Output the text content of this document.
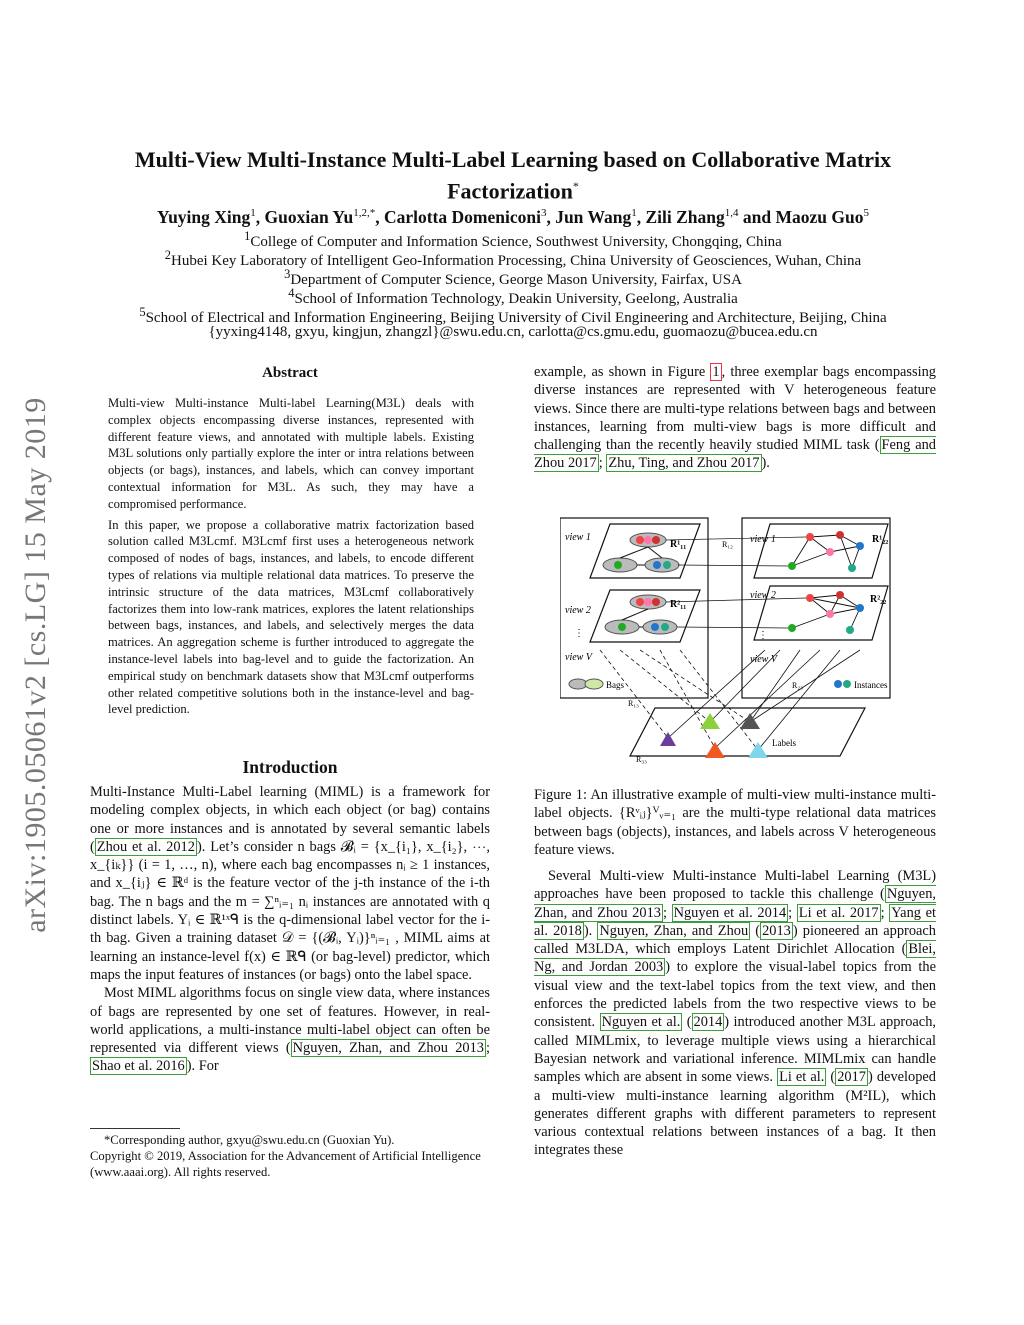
arXiv:1905.05061v2 [cs.LG] 15 May 2019
Multi-View Multi-Instance Multi-Label Learning based on Collaborative Matrix
Factorization*
Yuying Xing$^1$, Guoxian $Yu^{1,2,*}$, Carlotta Domeniconi$^3$, Jun Wang$^1$, Zili Zhang$^{1,4}$ and Maozu Guo$^5$
$^1$College of Computer and Information Science, Southwest University, Chongqing, China
$^2$Hubei Key Laboratory of Intelligent Geo-Information Processing, China University of Geosciences, Wuhan, China
$^3$Department of Computer Science, George Mason University, Fairfax, USA
$^4$School of Information Technology, Deakin University, Geelong, Australia
$^5$School of Electrical and Information Engineering, Beijing University of Civil Engineering and Architecture, Beijing, China
{yyxing4148, gxyu, kingjun, zhangzl}@swu.edu.cn, carlotta@cs.gmu.edu, guomaozu@bucea.edu.cn
Abstract

Multi-view Multi-instance Multi-label Learning(M3L) deals with complex objects encompassing diverse instances, represented with different feature views, and annotated with multiple labels. Existing M3L solutions only partially explore the inter or intra relations between objects (or bags), instances, and labels, which can convey important contextual information for M3L. As such, they may have a compromised performance.

In this paper, we propose a collaborative matrix factorization based solution called M3Lcmf. M3Lcmf first uses a heterogeneous network composed of nodes of bags, instances, and labels, to encode different types of relations via multiple relational data matrices. To preserve the intrinsic structure of the data matrices, M3Lcmf collaboratively factorizes them into low-rank matrices, explores the latent relationships between bags, instances, and labels, and selectively merges the data matrices. An aggregation scheme is further introduced to aggregate the instance-level labels into bag-level and to guide the factorization. An empirical study on benchmark datasets show that M3Lcmf outperforms other related competitive solutions both in the instance-level and bag-level prediction.

Introduction

Multi-Instance Multi-Label learning (MIML) is a framework for modeling complex objects, in which each object (or bag) contains one or more instances and is annotated by several semantic labels ( Zhou et al. 2012 ). Let’s consider n bags 𝓑ᵢ = {x_{i₁}, x_{i₂}, ⋯, x_{iₖ}} (i = 1, …, n), where each bag encompasses nᵢ ≥ 1 instances, and x_{iⱼ} ∈ ℝᵈ is the feature vector of the j-th instance of the i-th bag. The n bags and the m = ∑ⁿᵢ₌₁ nᵢ instances are annotated with q distinct labels. Yᵢ ∈ ℝ¹ˣᑫ is the q-dimensional label vector for the i-th bag. Given a training dataset 𝒟 = {(𝓑ᵢ, Yᵢ)}ⁿᵢ₌₁ , MIML aims at learning an instance-level f(x) ∈ ℝᑫ (or bag-level) predictor, which maps the input features of instances (or bags) onto the label space.

Most MIML algorithms focus on single view data, where instances of bags are represented by one set of features. However, in real-world applications, a multi-instance multi-label object can often be represented via different views ( Nguyen, Zhan, and Zhou 2013 ; Shao et al. 2016 ). For

*Corresponding author, gxyu@swu.edu.cn (Guoxian Yu).
Copyright © 2019, Association for the Advancement of Artificial Intelligence (www.aaai.org). All rights reserved.

example, as shown in Figure 1 , three exemplar bags encompassing diverse instances are represented with V heterogeneous feature views. Since there are multi-type relations between bags and between instances, learning from multi-view bags is more difficult and challenging than the recently heavily studied MIML task ( Feng and Zhou 2017 ; Zhu, Ting, and Zhou 2017 ).

view 1
view 2
⋮
view V
R¹₁₁
R²₁₁
R₁₂ view 1
view 2
⋮
view V
R¹₂₂
R²₂₂
Bags	R₂₃	Instances
R₁₃
Labels
R₃₃
Figure 1: An illustrative example of multi-view multi-instance multi-label objects. {Rᵛᵢⱼ}ⱽᵥ₌₁ are the multi-type relational data matrices between bags (objects), instances, and labels across V heterogeneous feature views.

Several Multi-view Multi-instance Multi-label Learning (M3L) approaches have been proposed to tackle this challenge ( Nguyen, Zhan, and Zhou 2013 ; Nguyen et al. 2014 ; Li et al. 2017 ; Yang et al. 2018 ). Nguyen, Zhan, and Zhou ( 2013 ) pioneered an approach called M3LDA, which employs Latent Dirichlet Allocation ( Blei, Ng, and Jordan 2003 ) to explore the visual-label topics from the visual view and the text-label topics from the text view, and then enforces the predicted labels from the two respective views to be consistent. Nguyen et al. ( 2014 ) introduced another M3L approach, called MIMLmix, to leverage multiple views using a hierarchical Bayesian network and variational inference. MIMLmix can handle samples which are absent in some views. Li et al. ( 2017 ) developed a multi-view multi-instance learning algorithm (M²IL), which generates different graphs with different parameters to represent various contextual relations between instances of a bag. It then integrates these
